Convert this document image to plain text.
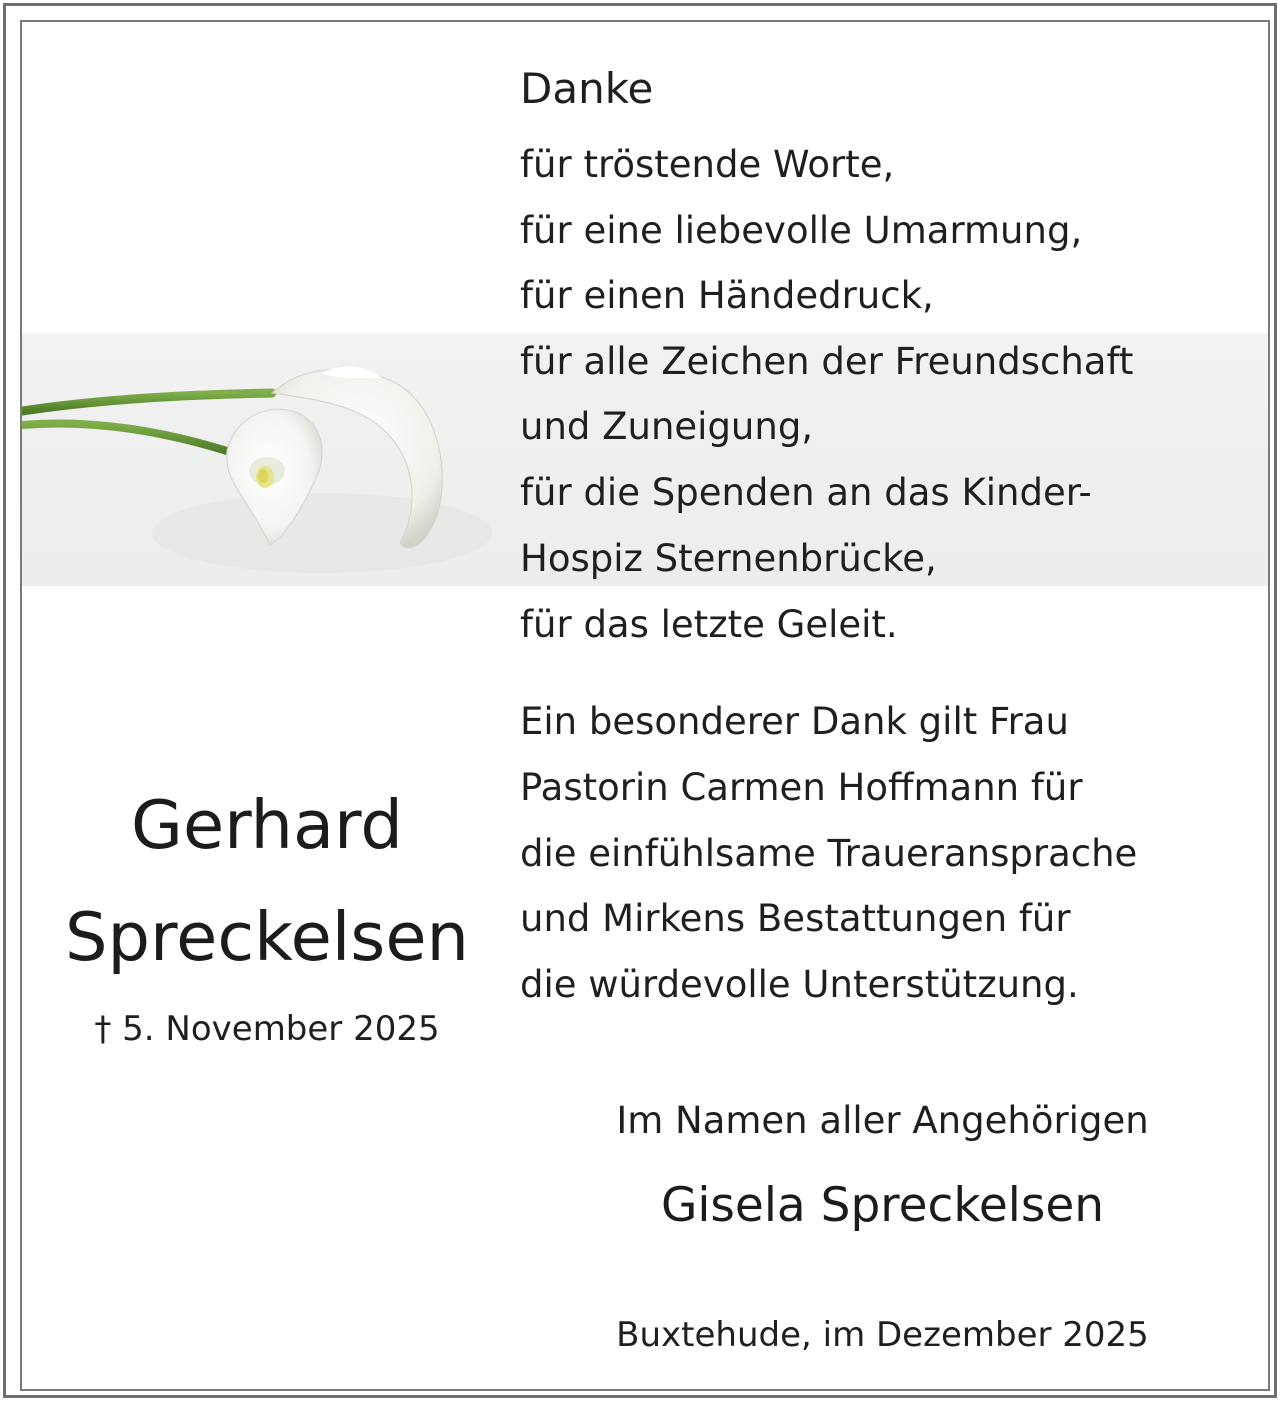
Danke
für tröstende Worte,
für eine liebevolle Umarmung,
für einen Händedruck,
für alle Zeichen der Freundschaft
und Zuneigung,
für die Spenden an das Kinder-
Hospiz Sternenbrücke,
für das letzte Geleit.
Ein besonderer Dank gilt Frau
Pastorin Carmen Hoffmann für
die einfühlsame Traueransprache
und Mirkens Bestattungen für
die würdevolle Unterstützung.
Gerhard
Spreckelsen
† 5. November 2025
Im Namen aller Angehörigen
Gisela Spreckelsen
Buxtehude, im Dezember 2025
